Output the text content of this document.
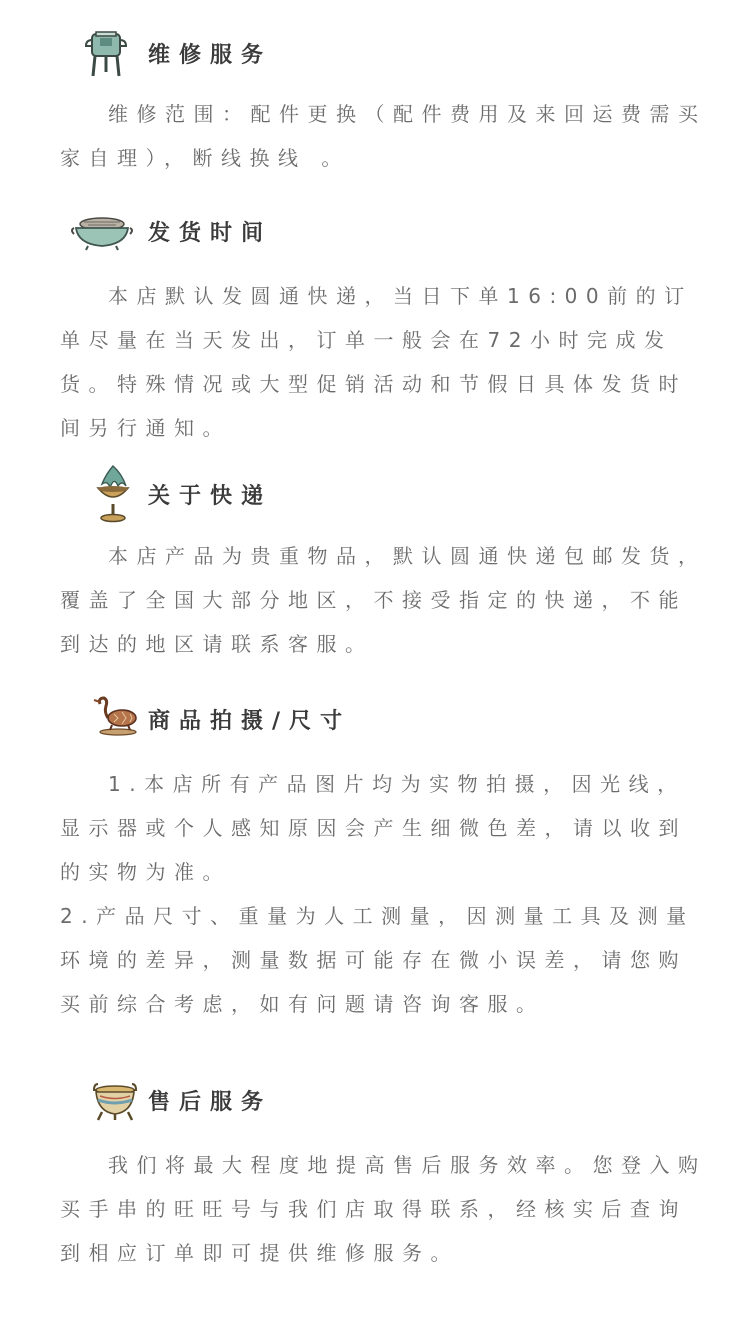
维修服务

维修范围：配件更换（配件费用及来回运费需买家自理），断线换线 。

发货时间

本店默认发圆通快递，当日下单16:00前的订单尽量在当天发出，订单一般会在72小时完成发货。特殊情况或大型促销活动和节假日具体发货时间另行通知。

关于快递

本店产品为贵重物品，默认圆通快递包邮发货，覆盖了全国大部分地区，不接受指定的快递，不能到达的地区请联系客服。

商品拍摄/尺寸

1.本店所有产品图片均为实物拍摄，因光线，显示器或个人感知原因会产生细微色差，请以收到的实物为准。

2.产品尺寸、重量为人工测量，因测量工具及测量环境的差异，测量数据可能存在微小误差，请您购买前综合考虑，如有问题请咨询客服。

售后服务

我们将最大程度地提高售后服务效率。您登入购买手串的旺旺号与我们店取得联系，经核实后查询到相应订单即可提供维修服务。
